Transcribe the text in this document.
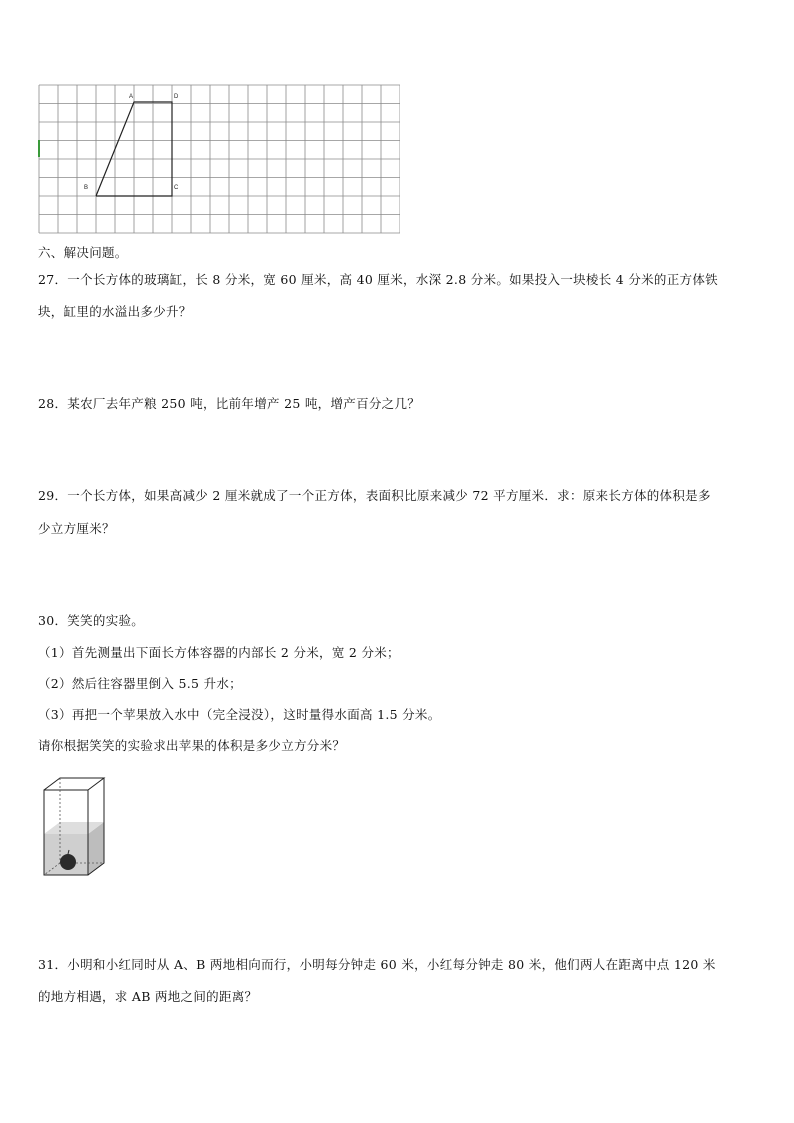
A	D
B	C
六、解决问题。
27．一个长方体的玻璃缸，长 8 分米，宽 60 厘米，高 40 厘米，水深 2.8 分米。如果投入一块棱长 4 分米的正方体铁
块，缸里的水溢出多少升？
28．某农厂去年产粮 250 吨，比前年增产 25 吨，增产百分之几？
29．一个长方体，如果高减少 2 厘米就成了一个正方体，表面积比原来减少 72 平方厘米．求：原来长方体的体积是多
少立方厘米？
30．笑笑的实验。
（1）首先测量出下面长方体容器的内部长 2 分米，宽 2 分米；
（2）然后往容器里倒入 5.5 升水；
（3）再把一个苹果放入水中（完全浸没），这时量得水面高 1.5 分米。
请你根据笑笑的实验求出苹果的体积是多少立方分米？
31．小明和小红同时从 A、B 两地相向而行，小明每分钟走 60 米，小红每分钟走 80 米，他们两人在距离中点 120 米
的地方相遇，求 AB 两地之间的距离？
